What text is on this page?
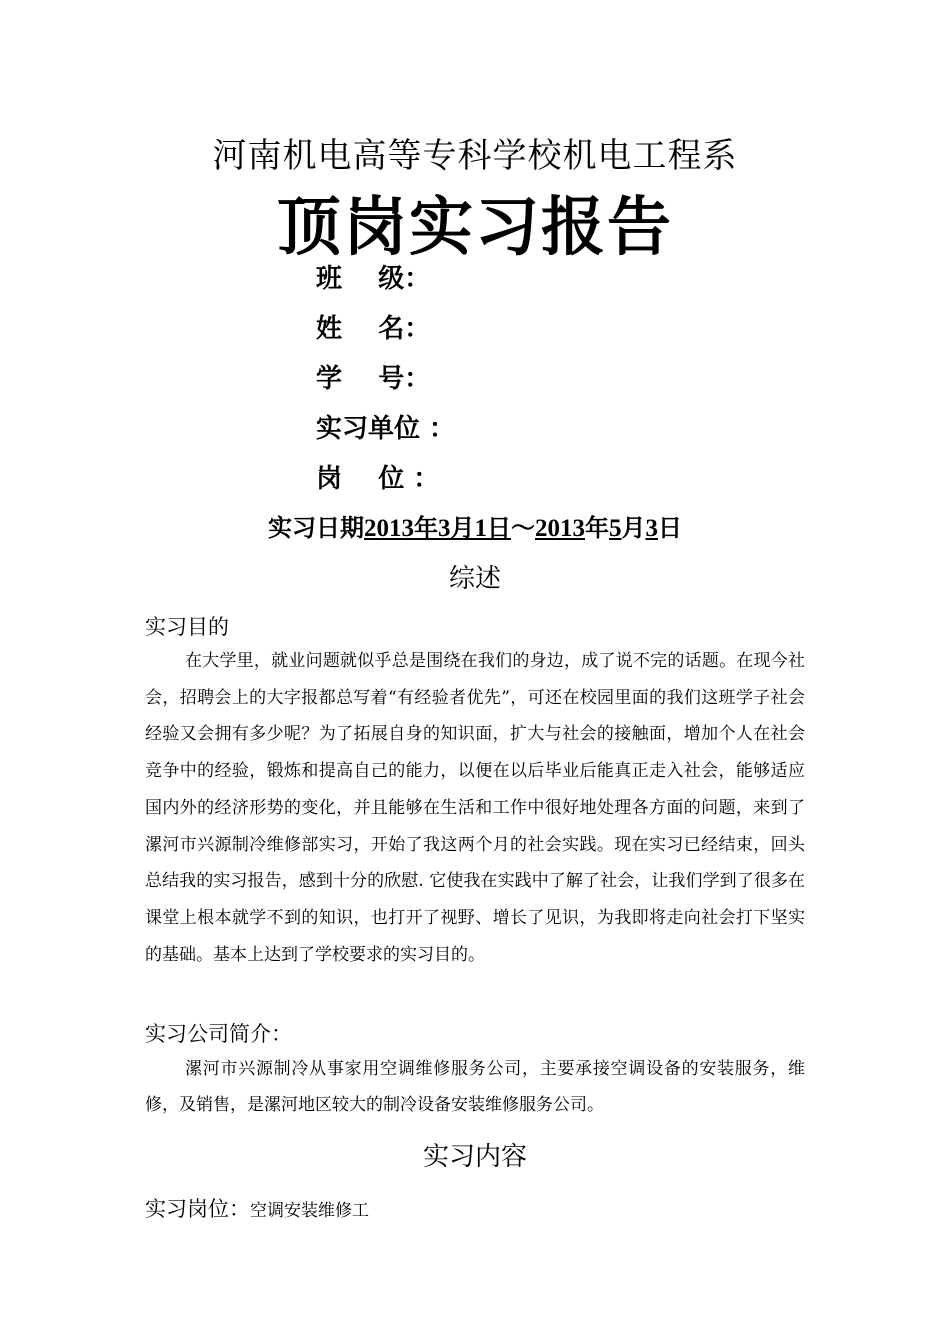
河南机电高等专科学校机电工程系
顶岗实习报告
班    级：
姓    名：
学    号：
实习单位 ：
岗    位 ：
实习日期2013年3月1日～2013年5月3日
综述
实习目的
在大学里，就业问题就似乎总是围绕在我们的身边，成了说不完的话题。在现今社会，招聘会上的大字报都总写着“有经验者优先”，可还在校园里面的我们这班学子社会经验又会拥有多少呢？为了拓展自身的知识面，扩大与社会的接触面，增加个人在社会竞争中的经验，锻炼和提高自己的能力，以便在以后毕业后能真正走入社会，能够适应国内外的经济形势的变化，并且能够在生活和工作中很好地处理各方面的问题，来到了漯河市兴源制冷维修部实习，开始了我这两个月的社会实践。现在实习已经结束，回头总结我的实习报告，感到十分的欣慰. 它使我在实践中了解了社会，让我们学到了很多在课堂上根本就学不到的知识，也打开了视野、增长了见识，为我即将走向社会打下坚实的基础。基本上达到了学校要求的实习目的。
实习公司简介：
漯河市兴源制冷从事家用空调维修服务公司，主要承接空调设备的安装服务，维修，及销售，是漯河地区较大的制冷设备安装维修服务公司。
实习内容
实习岗位：空调安装维修工
